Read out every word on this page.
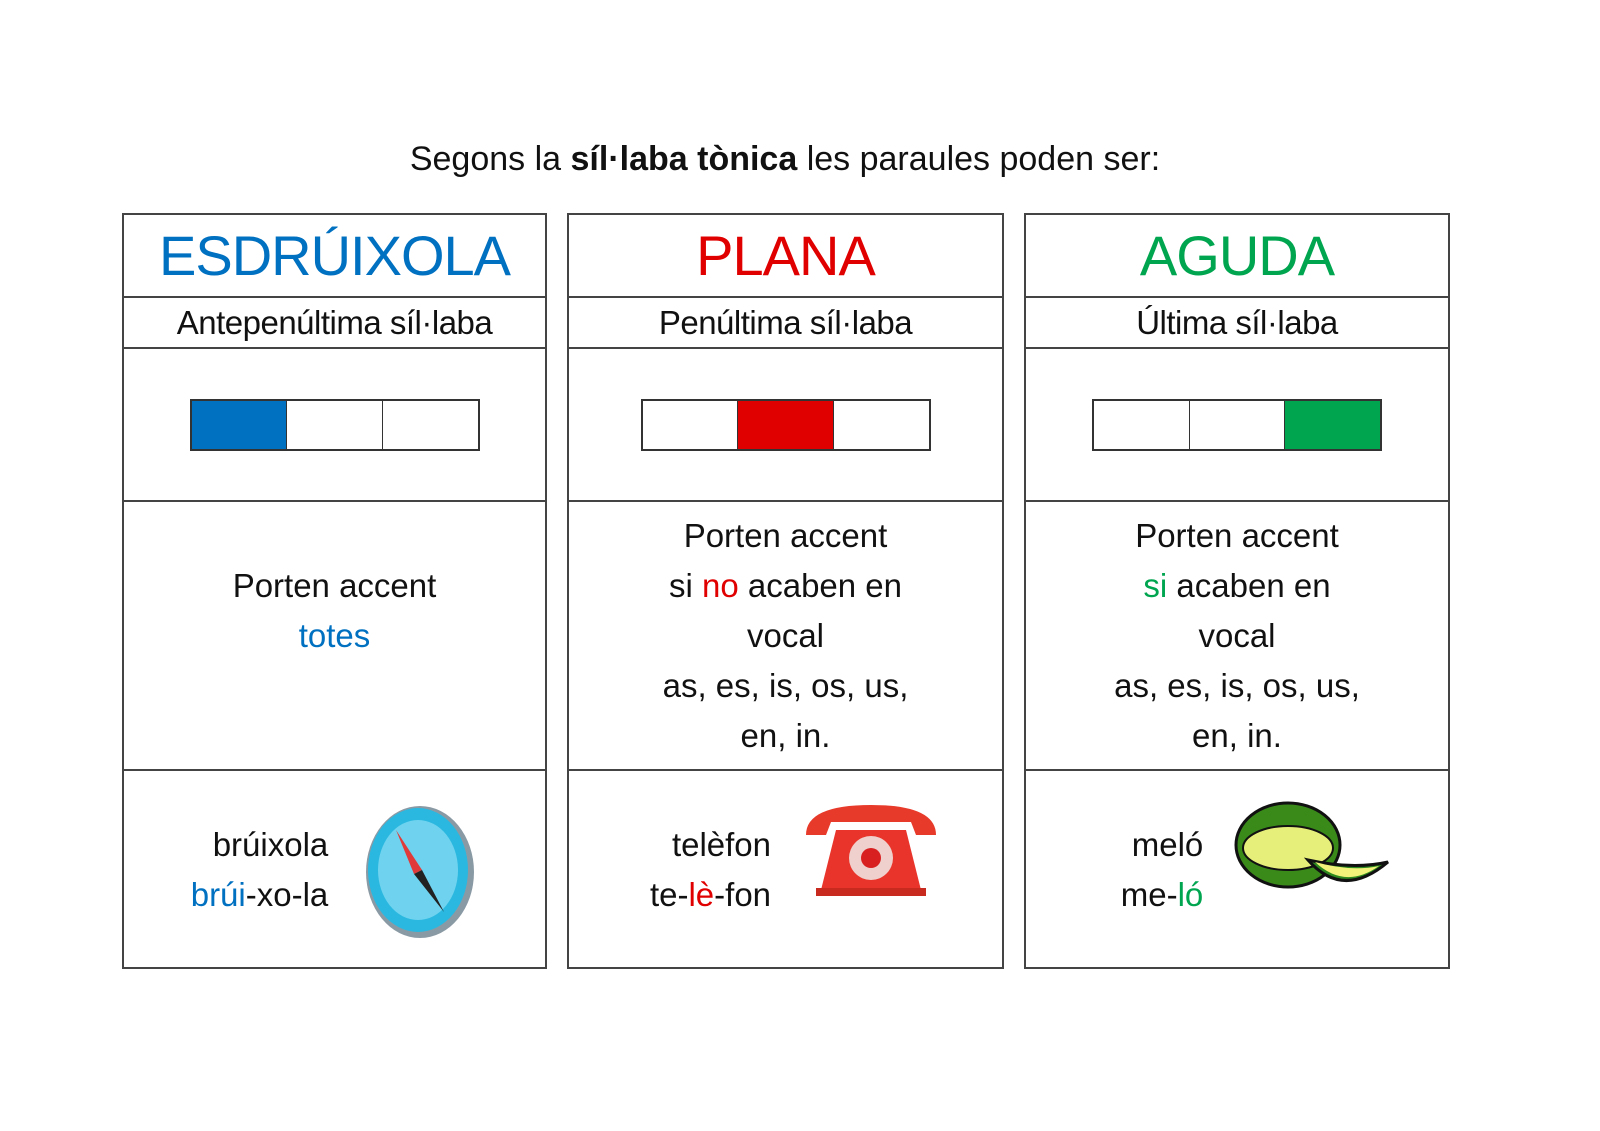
Segons la síl·laba tònica les paraules poden ser:
ESDRÚIXOLA
Antepenúltima síl·laba
Porten accent
totes
brúixola
brúi-xo-la
PLANA
Penúltima síl·laba
Porten accent
si no acaben en
vocal
as, es, is, os, us,
en, in.
telèfon
te-lè-fon
AGUDA
Última síl·laba
Porten accent
si acaben en
vocal
as, es, is, os, us,
en, in.
meló
me-ló
